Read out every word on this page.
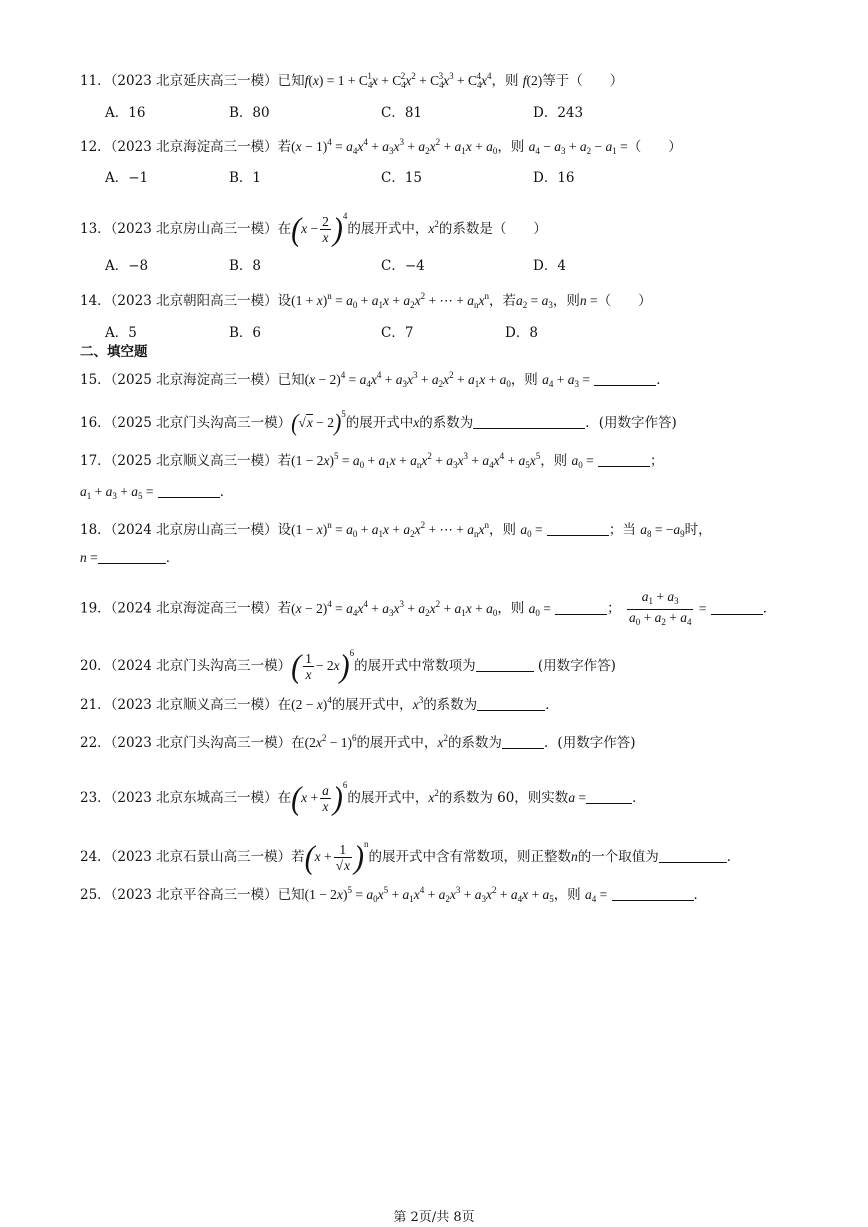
11．（2023 北京延庆高三一模）已知$f(x) = 1 + C_4^1x + C_4^2x^2 + C_4^3x^3 + C_4^4x^4$，则 f(2)等于（　　）
A．16	B．80	C．81	D．243
12．（2023 北京海淀高三一模）若$(x - 1)^4 = a_4x^4 + a_3x^3 + a_2x^2 + a_1x + a_0$，则 $a_4 - a_3 + a_2 - a_1$ =（　　）
A．−1	B．1	C．15	D．16
13．（2023 北京房山高三一模）在$(x - \frac{2}{x} )^4$的展开式中，$x^2$的系数是（　　）
A．−8	B．8	C．−4	D．4
14．（2023 北京朝阳高三一模）设$(1 + x)^n = a_0 + a_1x + a_2x^2$ + ⋯ + $a_nx^n$，若$a_2 = a_3$，则n =（　　）
A．5	B．6	C．7	D．8
二、填空题
15．（2025 北京海淀高三一模）已知$(x - 2)^4 = a_4x^4 + a_3x^3 + a_2x^2 + a_1x + a_0$，则 $a_4 + a_3$ =	．
16．（2025 北京门头沟高三一模）$(√x - 2)^5$的展开式中x的系数为	．(用数字作答)
17．（2025 北京顺义高三一模）若$(1 - 2x)^5 = a_0 + a_1x + a_nx^2 + a_3x^3 + a_4x^4 + a_5x^5$，则 $a_0$ =	；
$a_1 + a_3 + a_5$ =	．
18．（2024 北京房山高三一模）设$(1 - x)^n = a_0 + a_1x + a_2x^2$ + ⋯ + $a_nx^n$，则 $a_0$ =	；当 $a_8 = -a_9$时，
n =	．
19．（2024 北京海淀高三一模）若$(x - 2)^4 = a_4x^4 + a_3x^3 + a_2x^2 + a_1x + a_0$，则 $a_0$ =	； $\frac{a_1 + a_3}{a_0 + a_2 + a_4}$ =	．
20．（2024 北京门头沟高三一模）( $\frac{1}{x} - 2x)^6$的展开式中常数项为	(用数字作答)
21．（2023 北京顺义高三一模）在$(2 - x)^4$的展开式中，$x^3$的系数为	．
22．（2023 北京门头沟高三一模）在$(2x^2 - 1)^6$的展开式中，$x^2$的系数为	．(用数字作答)
23．（2023 北京东城高三一模）在$(x + \frac{a}{x} )^6$的展开式中，$x^2$的系数为 60，则实数a =	．
24．（2023 北京石景山高三一模）若$(x + \frac{1}{√x} )^n$的展开式中含有常数项，则正整数n的一个取值为	．
25．（2023 北京平谷高三一模）已知$(1 - 2x)^5 = a_0x^5 + a_1x^4 + a_2x^3 + a_3x^2 + a_4x + a_5$，则 $a_4$ =	．
第 2页/共 8页
